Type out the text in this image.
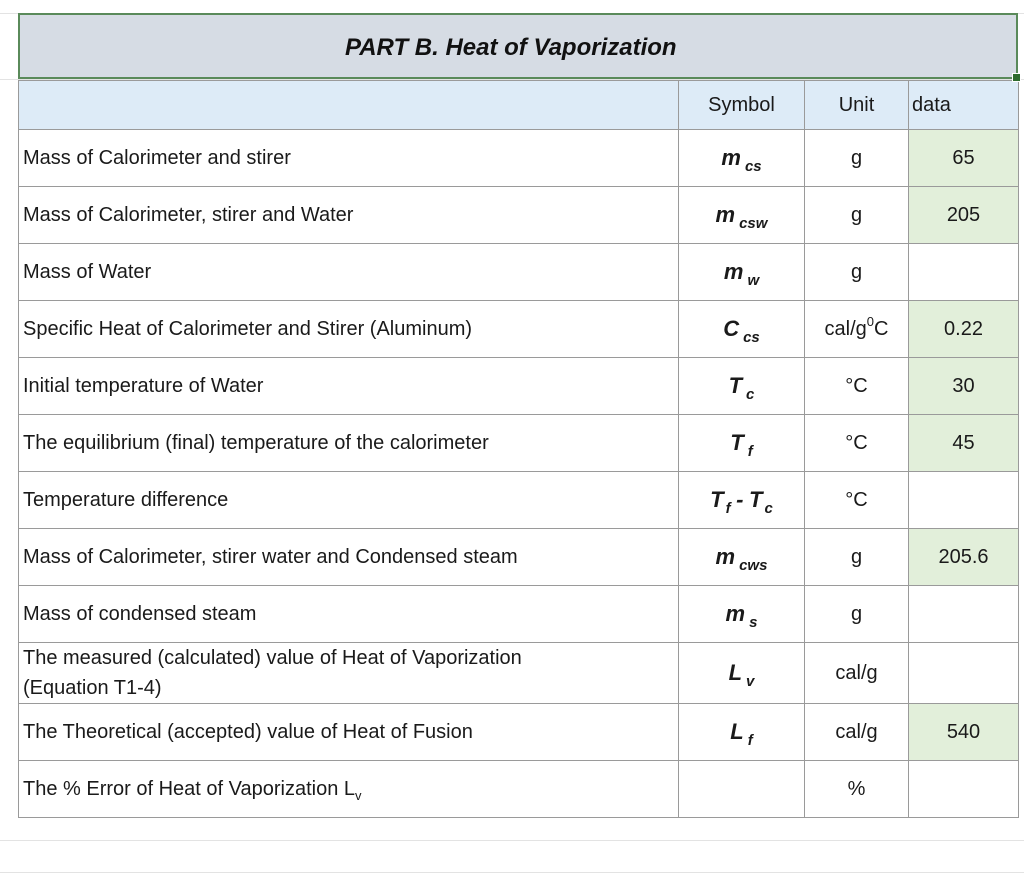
PART B. Heat of Vaporization
	Symbol	Unit	data
Mass of Calorimeter and stirer	m $_{cs}$	g	65
Mass of Calorimeter, stirer and Water	m $_{csw}$	g	205
Mass of Water	m $_w$	g	
Specific Heat of Calorimeter and Stirer (Aluminum)	C $_{cs}$	cal/$g^0C$	0.22
Initial temperature of Water	T $_c$	°C	30
The equilibrium (final) temperature of the calorimeter	T $_f$	°C	45
Temperature difference	T $_f$ - T $_c$	°C	
Mass of Calorimeter, stirer water and Condensed steam	m $_{cws}$	g	205.6
Mass of condensed steam	m $_s$	g	

The measured (calculated) value of Heat of Vaporization
(Equation T1-4)	L $_v$	cal/g	
The Theoretical (accepted) value of Heat of Fusion	L $_f$	cal/g	540
The % Error of Heat of Vaporization $L_v$		%	
